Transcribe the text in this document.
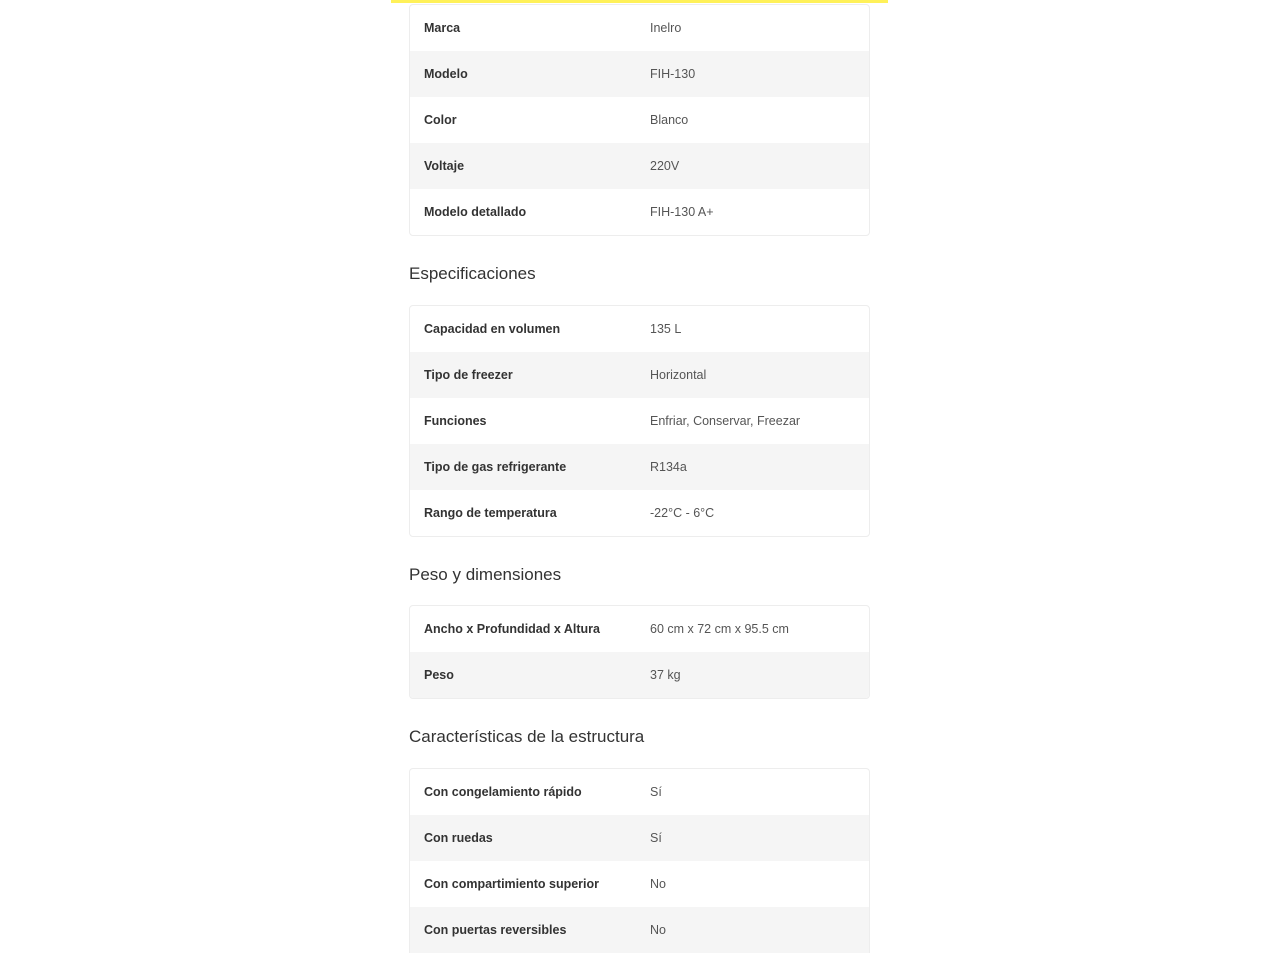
Marca	Inelro
Modelo	FIH-130
Color	Blanco
Voltaje	220V
Modelo detallado	FIH-130 A+
Especificaciones
Capacidad en volumen	135 L
Tipo de freezer	Horizontal
Funciones	Enfriar, Conservar, Freezar
Tipo de gas refrigerante	R134a
Rango de temperatura	-22°C - 6°C
Peso y dimensiones
Ancho x Profundidad x Altura	60 cm x 72 cm x 95.5 cm
Peso	37 kg
Características de la estructura
Con congelamiento rápido	Sí
Con ruedas	Sí
Con compartimiento superior	No
Con puertas reversibles	No
